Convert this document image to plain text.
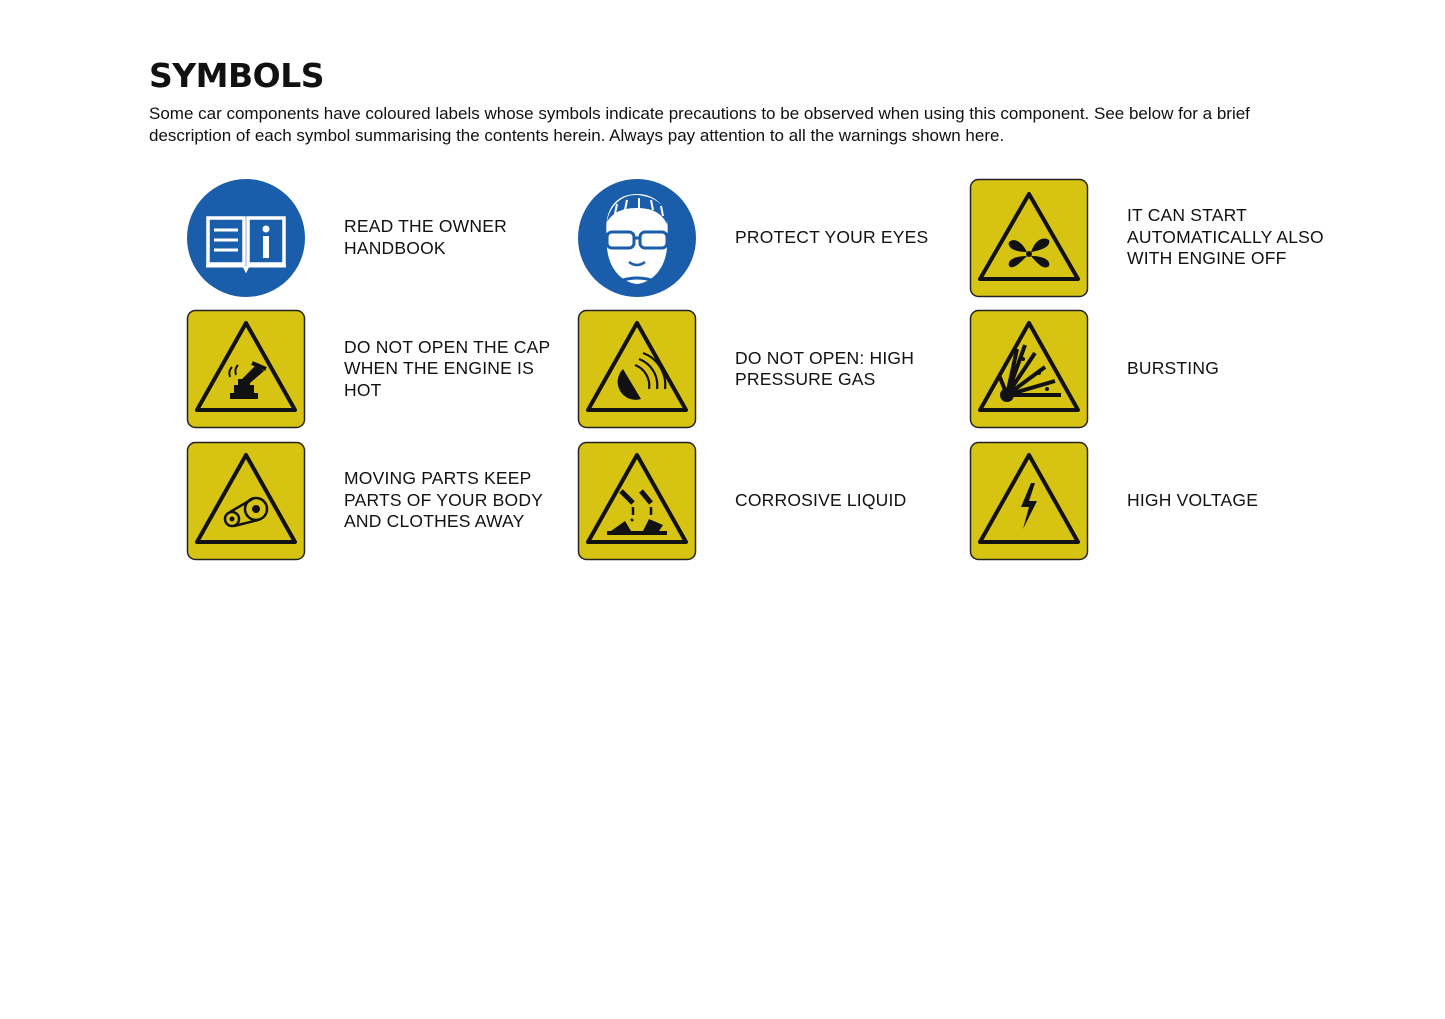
SYMBOLS

Some car components have coloured labels whose symbols indicate precautions to be observed when using this component. See below for a brief description of each symbol summarising the contents herein. Always pay attention to all the warnings shown here.

READ THE OWNER
HANDBOOK
PROTECT YOUR EYES
IT CAN START
AUTOMATICALLY ALSO
WITH ENGINE OFF
DO NOT OPEN THE CAP
WHEN THE ENGINE IS
HOT
DO NOT OPEN: HIGH
PRESSURE GAS
BURSTING
MOVING PARTS KEEP
PARTS OF YOUR BODY
AND CLOTHES AWAY
CORROSIVE LIQUID	HIGH VOLTAGE
